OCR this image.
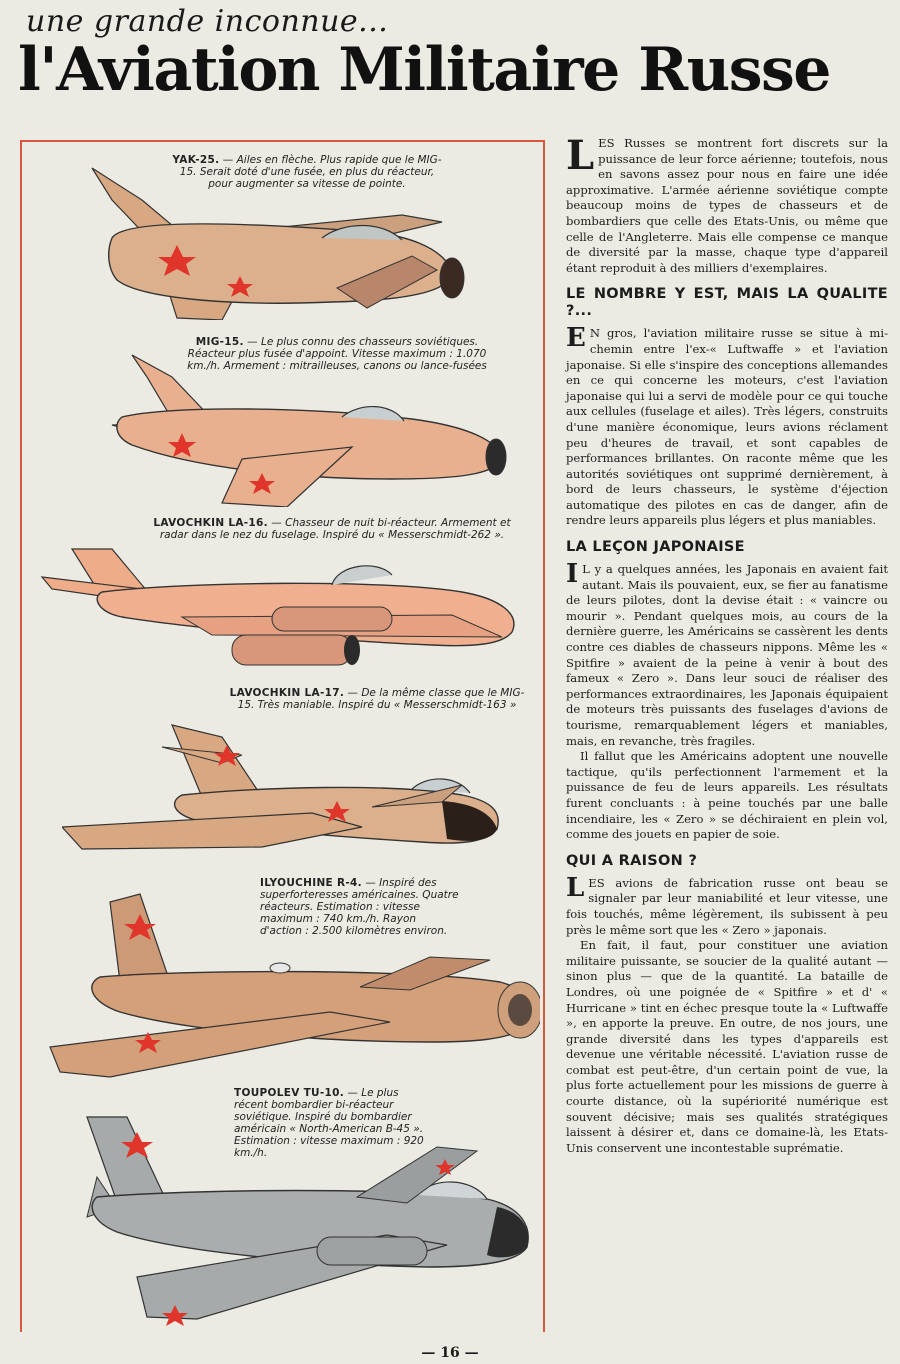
une grande inconnue...
l'Aviation Militaire Russe
YAK-25. — Ailes en flèche. Plus rapide que le MIG-15. Serait doté d'une fusée, en plus du réacteur, pour augmenter sa vitesse de pointe.
MIG-15. — Le plus connu des chasseurs soviétiques. Réacteur plus fusée d'appoint. Vitesse maximum : 1.070 km./h. Armement : mitrailleuses, canons ou lance-fusées
LAVOCHKIN LA-16. — Chasseur de nuit bi-réacteur. Armement et radar dans le nez du fuselage. Inspiré du « Messerschmidt-262 ».
LAVOCHKIN LA-17. — De la même classe que le MIG-15. Très maniable. Inspiré du « Messerschmidt-163 »
ILYOUCHINE R-4. — Inspiré des superforteresses américaines. Quatre réacteurs. Estimation : vitesse maximum : 740 km./h. Rayon d'action : 2.500 kilomètres environ.
TOUPOLEV TU-10. — Le plus récent bombardier bi-réacteur soviétique. Inspiré du bombardier américain « North-American B-45 ». Estimation : vitesse maximum : 920 km./h.

LES Russes se montrent fort discrets sur la puissance de leur force aérienne; toutefois, nous en savons assez pour nous en faire une idée approximative. L'armée aérienne soviétique compte beaucoup moins de types de chasseurs et de bombardiers que celle des Etats-Unis, ou même que celle de l'Angleterre. Mais elle compense ce manque de diversité par la masse, chaque type d'appareil étant reproduit à des milliers d'exemplaires.

LE NOMBRE Y EST, MAIS LA QUALITE ?...

E N gros, l'aviation militaire russe se situe à mi-chemin entre l'ex-« Luftwaffe » et l'aviation japonaise. Si elle s'inspire des conceptions allemandes en ce qui concerne les moteurs, c'est l'aviation japonaise qui lui a servi de modèle pour ce qui touche aux cellules (fuselage et ailes). Très légers, construits d'une manière économique, leurs avions réclament peu d'heures de travail, et sont capables de performances brillantes. On raconte même que les autorités soviétiques ont supprimé dernièrement, à bord de leurs chasseurs, le système d'éjection automatique des pilotes en cas de danger, afin de rendre leurs appareils plus légers et plus maniables.

LA LEÇON JAPONAISE

I L y a quelques années, les Japonais en avaient fait autant. Mais ils pouvaient, eux, se fier au fanatisme de leurs pilotes, dont la devise était : « vaincre ou mourir ». Pendant quelques mois, au cours de la dernière guerre, les Américains se cassèrent les dents contre ces diables de chasseurs nippons. Même les « Spitfire » avaient de la peine à venir à bout des fameux « Zero ». Dans leur souci de réaliser des performances extraordinaires, les Japonais équipaient de moteurs très puissants des fuselages d'avions de tourisme, remarquablement légers et maniables, mais, en revanche, très fragiles.

Il fallut que les Américains adoptent une nouvelle tactique, qu'ils perfectionnent l'armement et la puissance de feu de leurs appareils. Les résultats furent concluants : à peine touchés par une balle incendiaire, les « Zero » se déchiraient en plein vol, comme des jouets en papier de soie.

QUI A RAISON ?

LES avions de fabrication russe ont beau se signaler par leur maniabilité et leur vitesse, une fois touchés, même légèrement, ils subissent à peu près le même sort que les « Zero » japonais.

En fait, il faut, pour constituer une aviation militaire puissante, se soucier de la qualité autant — sinon plus — que de la quantité. La bataille de Londres, où une poignée de « Spitfire » et d' « Hurricane » tint en échec presque toute la « Luftwaffe », en apporte la preuve. En outre, de nos jours, une grande diversité dans les types d'appareils est devenue une véritable nécessité. L'aviation russe de combat est peut-être, d'un certain point de vue, la plus forte actuellement pour les missions de guerre à courte distance, où la supériorité numérique est souvent décisive; mais ses qualités stratégiques laissent à désirer et, dans ce domaine-là, les Etats-Unis conservent une incontestable suprématie.

— 16 —
